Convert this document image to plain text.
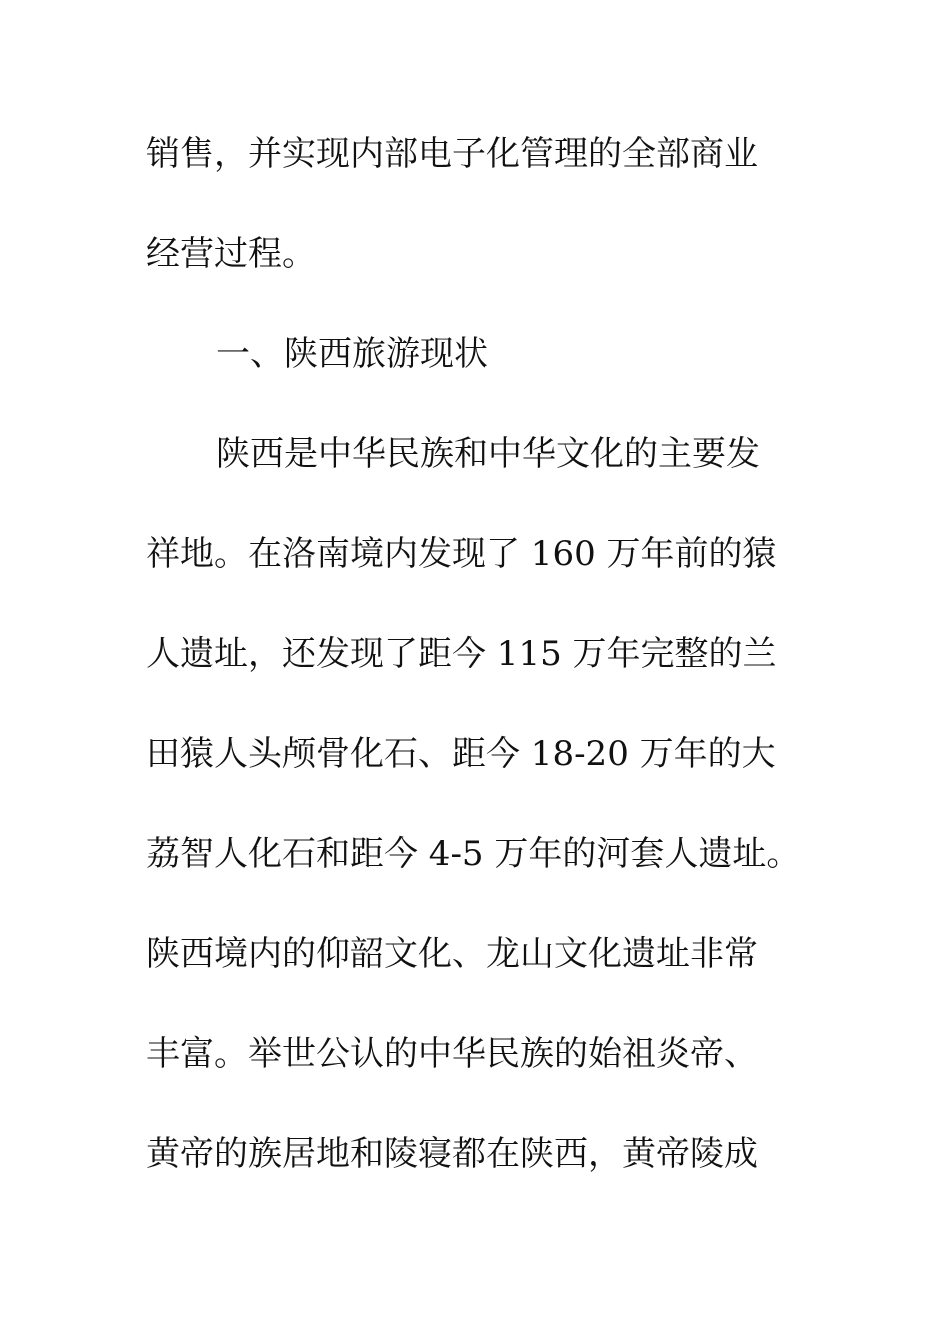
销售，并实现内部电子化管理的全部商业
经营过程。
一、陕西旅游现状
陕西是中华民族和中华文化的主要发
祥地。在洛南境内发现了 160 万年前的猿
人遗址，还发现了距今 115 万年完整的兰
田猿人头颅骨化石、距今 18-20 万年的大
荔智人化石和距今 4-5 万年的河套人遗址。
陕西境内的仰韶文化、龙山文化遗址非常
丰富。举世公认的中华民族的始祖炎帝、
黄帝的族居地和陵寝都在陕西，黄帝陵成
